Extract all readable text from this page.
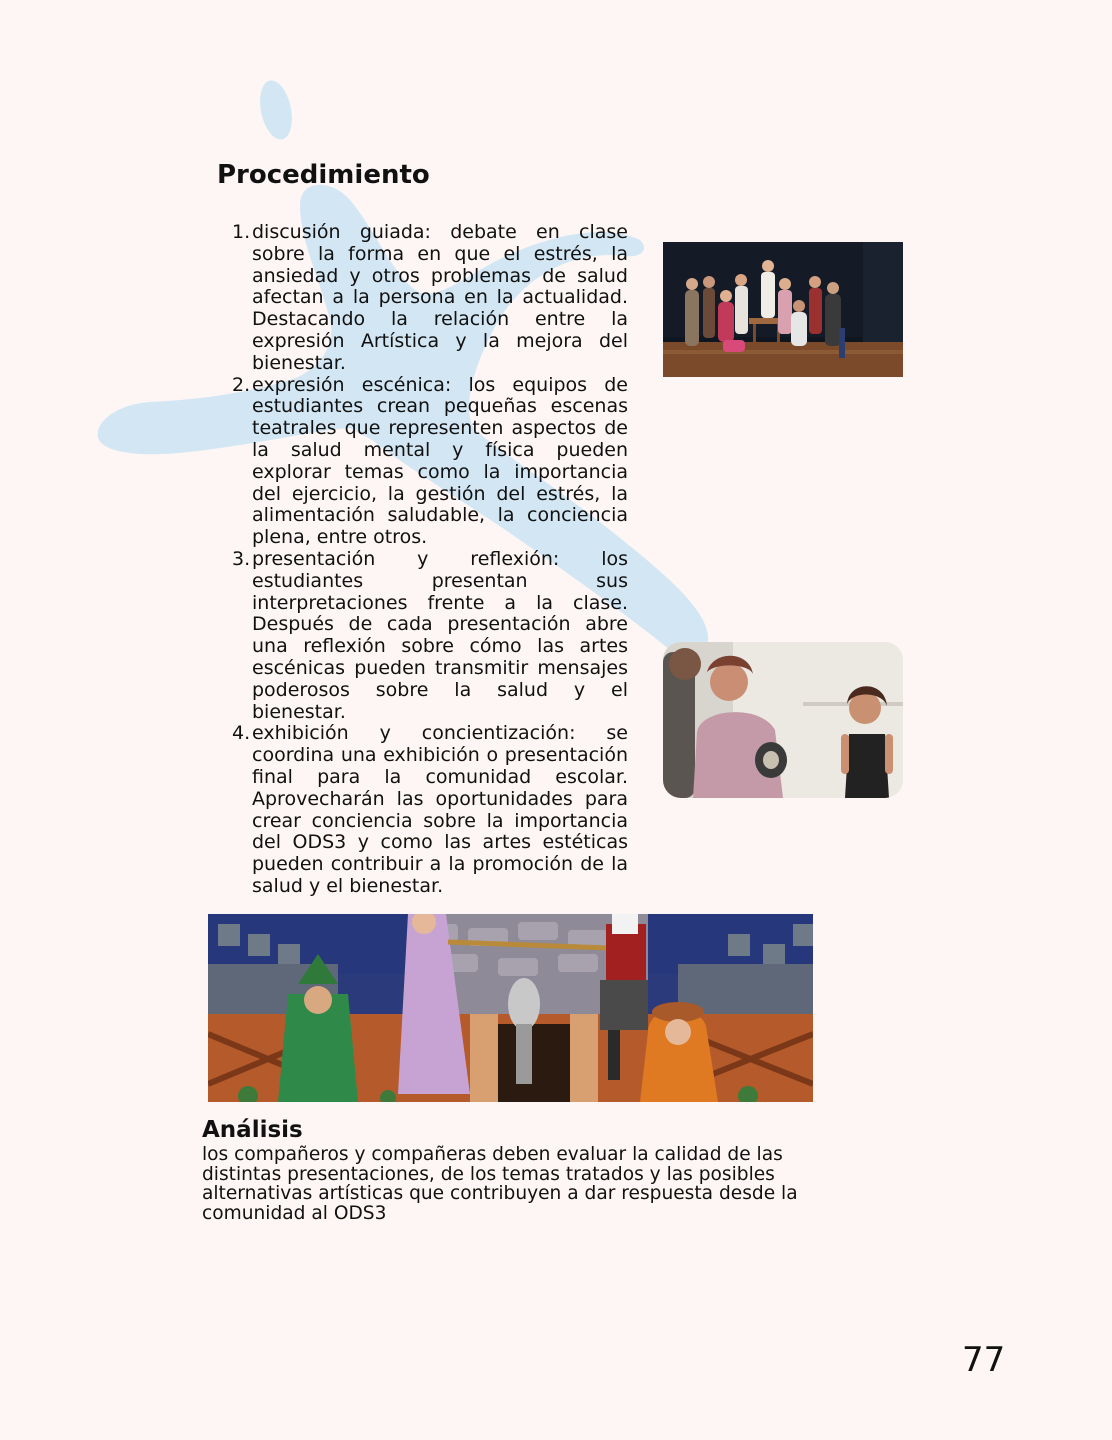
Procedimiento
1. discusión guiada: debate en clase sobre la forma en que el estrés, la ansiedad y otros problemas de salud afectan a la persona en la actualidad. Destacando la relación entre la expresión Artística y la mejora del bienestar.
2. expresión escénica: los equipos de estudiantes crean pequeñas escenas teatrales que representen aspectos de la salud mental y física pueden explorar temas como la importancia del ejercicio, la gestión del estrés, la alimentación saludable, la conciencia plena, entre otros.
3. presentación y reflexión: los estudiantes presentan sus interpretaciones frente a la clase. Después de cada presentación abre una reflexión sobre cómo las artes escénicas pueden transmitir mensajes poderosos sobre la salud y el bienestar.
4. exhibición y concientización: se coordina una exhibición o presentación final para la comunidad escolar. Aprovecharán las oportunidades para crear conciencia sobre la importancia del ODS3 y como las artes estéticas pueden contribuir a la promoción de la salud y el bienestar.
Análisis
los compañeros y compañeras deben evaluar la calidad de las distintas presentaciones, de los temas tratados y las posibles alternativas artísticas que contribuyen a dar respuesta desde la comunidad al ODS3
77
